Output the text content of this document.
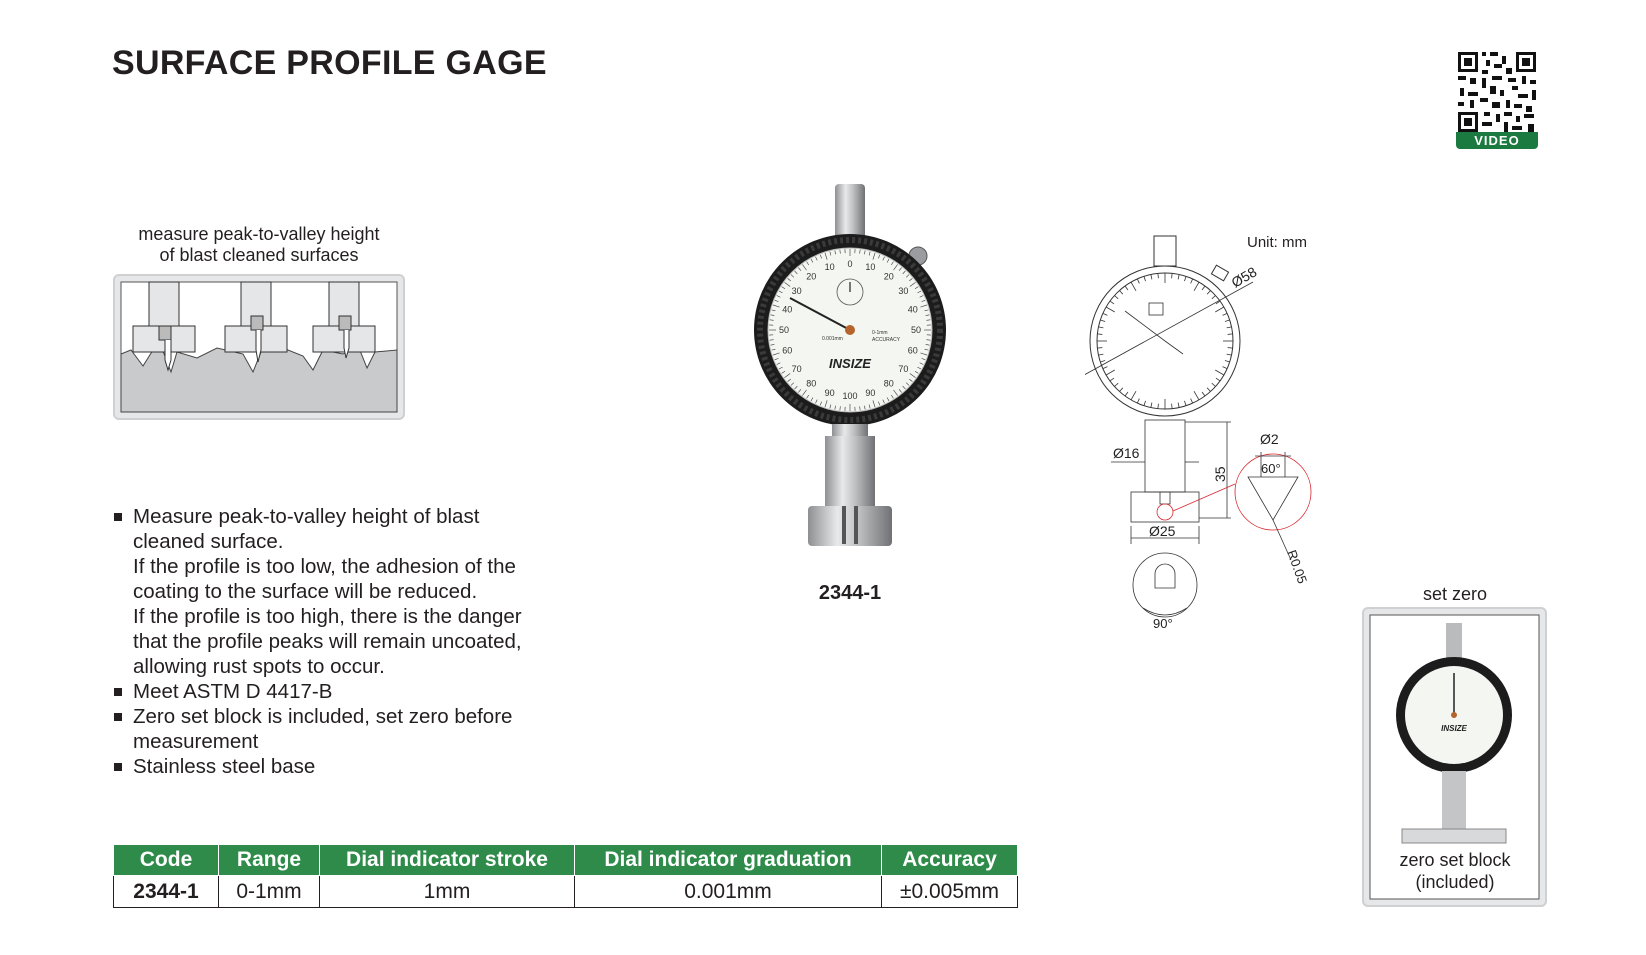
SURFACE PROFILE GAGE
VIDEO
measure peak-to-valley height
of blast cleaned surfaces
Measure peak-to-valley height of blast
cleaned surface.
If the profile is too low, the adhesion of the
coating to the surface will be reduced.
If the profile is too high, there is the danger
that the profile peaks will remain uncoated,
allowing rust spots to occur.
Meet ASTM D 4417-B
Zero set block is included, set zero before
measurement
Stainless steel base
0 10
20
30
40
50
60
70
80
90
100
90
80
70
60
50
40
30
20
10
0.001mm
0-1mm
ACCURACY
INSIZE
2344-1
Unit: mm
Ø58
Ø16
Ø25
35
Ø2
60°
R0.05
90°
set zero
INSIZE
zero set block
(included)
Code	Range	Dial indicator stroke	Dial indicator graduation	Accuracy
2344-1	0-1mm	1mm	0.001mm	±0.005mm
